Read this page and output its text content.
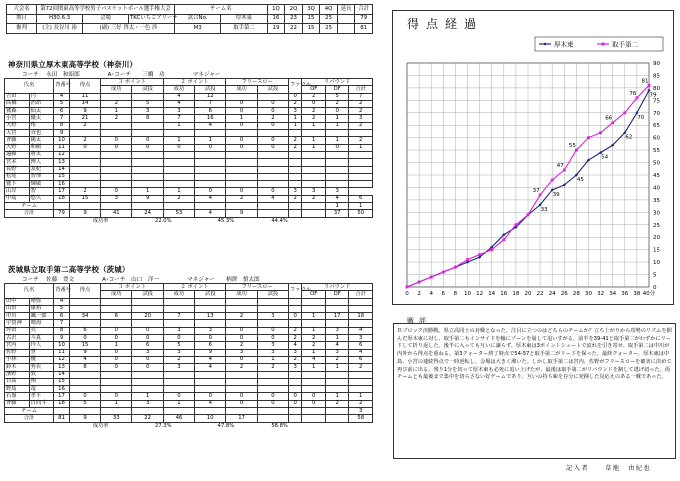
大会名	第72回関東高等学校男子バスケットボール選手権大会			チーム名		1Q	2Q	3Q	4Q	延長	合計
期日	H30.6.3	会場	TKCいちごアリーナ	試合No.	厚木東	16	23	15	25		79
審判	(主) 長谷川 裕	(副) 三好 啓太・一色 渉		M3	取手第二	19	22	15	25		81
神奈川県立厚木東高等学校（神奈川）
コーチ　 永田　和昭郎　　　　　A･コーチ　　三橋　功　　　　　マネジャー
氏名		背番号	得点	３ ポイント		２ ポイント		フリースロー		ファウル	リバウンド		
				成功	試投	成功	試投	成功	試投		OF	DF	合計
吉田	円	4	11			4	12			0	2	5	7
高橋	治昂	5	14	2	5	4	7	0	0	2	0	2	2
鷲森	仙太	6	9	1	3	3	6	0	0	3	2	0	2
小宮	優太	7	21	2	8	7	16	1	2	1	2	1	3
天野	侑	8	2			1	4	0	0	1	1	1	2
大宮	直也	9											
斉藤	陽太	10	2	0	0	1	1	0	0	2	1	1	2
大野	和樹	11	0	0	0	0	0	0	0	2	1	0	1
遠藤	将太	12											
宮本	博人	13											
長野	友紀	14											
松尾	智理	15											
鷲下	輝敏	16											
山岸	智	17	2	0	1	1	0	0	0	3	3	3	
中島	悠久	18	15	3	9	2	4	2	4	2	2	4	6
チーム												1	1
合計		79	9	41	24	53	4	9				37	50
			成功率		22.0%		45.3%		44.4%				
茨城県立取手第二高等学校（茨城）
コーチ　 佐藤　豊文　　　　　A･コーチ　山口　洋一　　　　　マネジャー　　柄澤　慎太郎
氏名		背番号	得点	３ ポイント		２ ポイント		フリースロー		ファウル	リバウンド		
				成功	試投	成功	試投	成功	試投		OF	DF	合計
田中	晴弥	4											
山田	康裕	5											
中川	颯一郎	6	34	6	20	7	13	2	3	0	1	17	18
宇賀神	晴海	7											
坪田	亮	8	6	0	0	3	3	0	0	2	1	3	4
古沢	斗真	9	0	0	0	0	0	0	0	2	2	1	3
宮内	玲人	10	15	1	6	5	6	2	3	4	2	4	6
佐野	慧	11	9	0	3	3	9	3	3	3	1	3	4
小林	優	12	4	0	0	2	4	0	1	2	4	2	6
鈴木	秀衣	13	8	0	0	3	4	2	2	3	1	1	2
濱野	敦	14											
日高	翔	15											
野島	竜	16											
石嶺	孝平	17	0	0	1	0	0	0	0	0	0	1	1
斉藤	日向斗	18	5	1	3	1	4	0	0	0	0	2	2
チーム													3
合計		81	9	33	22	46	10	17					58
			成功率		27.3%		47.8%		58.8%				
得点経過
0
5
10
15
20
25
30
35
40
45
50
55
60
65
70
75
80
85
90
0 2 4 6 8 10 12 14 16 18 20 22 24 26 28 30 32 34 36 38 40分
33
39
45
54
62
70
79
37
47
55
66
76
81
厚木東	取手第二
戦評
Ｂブロック決勝戦。県立高同士の対戦となった。注目に立つのはどちらのチームか？立ち上がりから攻勢のリズムを掴んだ厚木東に対し、取手第二もインサイドを軸にゾーンを崩して追いすがる。前半を39-41と取手第二がわずかにリードして折り返した。後半に入っても互いに譲らず、厚木東は3ポイントシュートで流れを引き寄せ、取手第二は中川が内外から得点を重ねる。第3クォーター終了時点で54-57と取手第二がリードを保った。最終クォーター、厚木東は中島、小宮の連続得点で一時逆転し、会場は大きく沸いた。しかし取手第二は宮内、佐野がフリースローを確実に決めて再び前に出る。残り1分を切って厚木東も必死に追い上げたが、最後は取手第二がリバウンドを制して逃げ切った。両チームとも最後まで集中を切らさない好ゲームであり、互いの持ち味を存分に発揮した見応えのある一戦であった。
記入者	草地　由紀也
